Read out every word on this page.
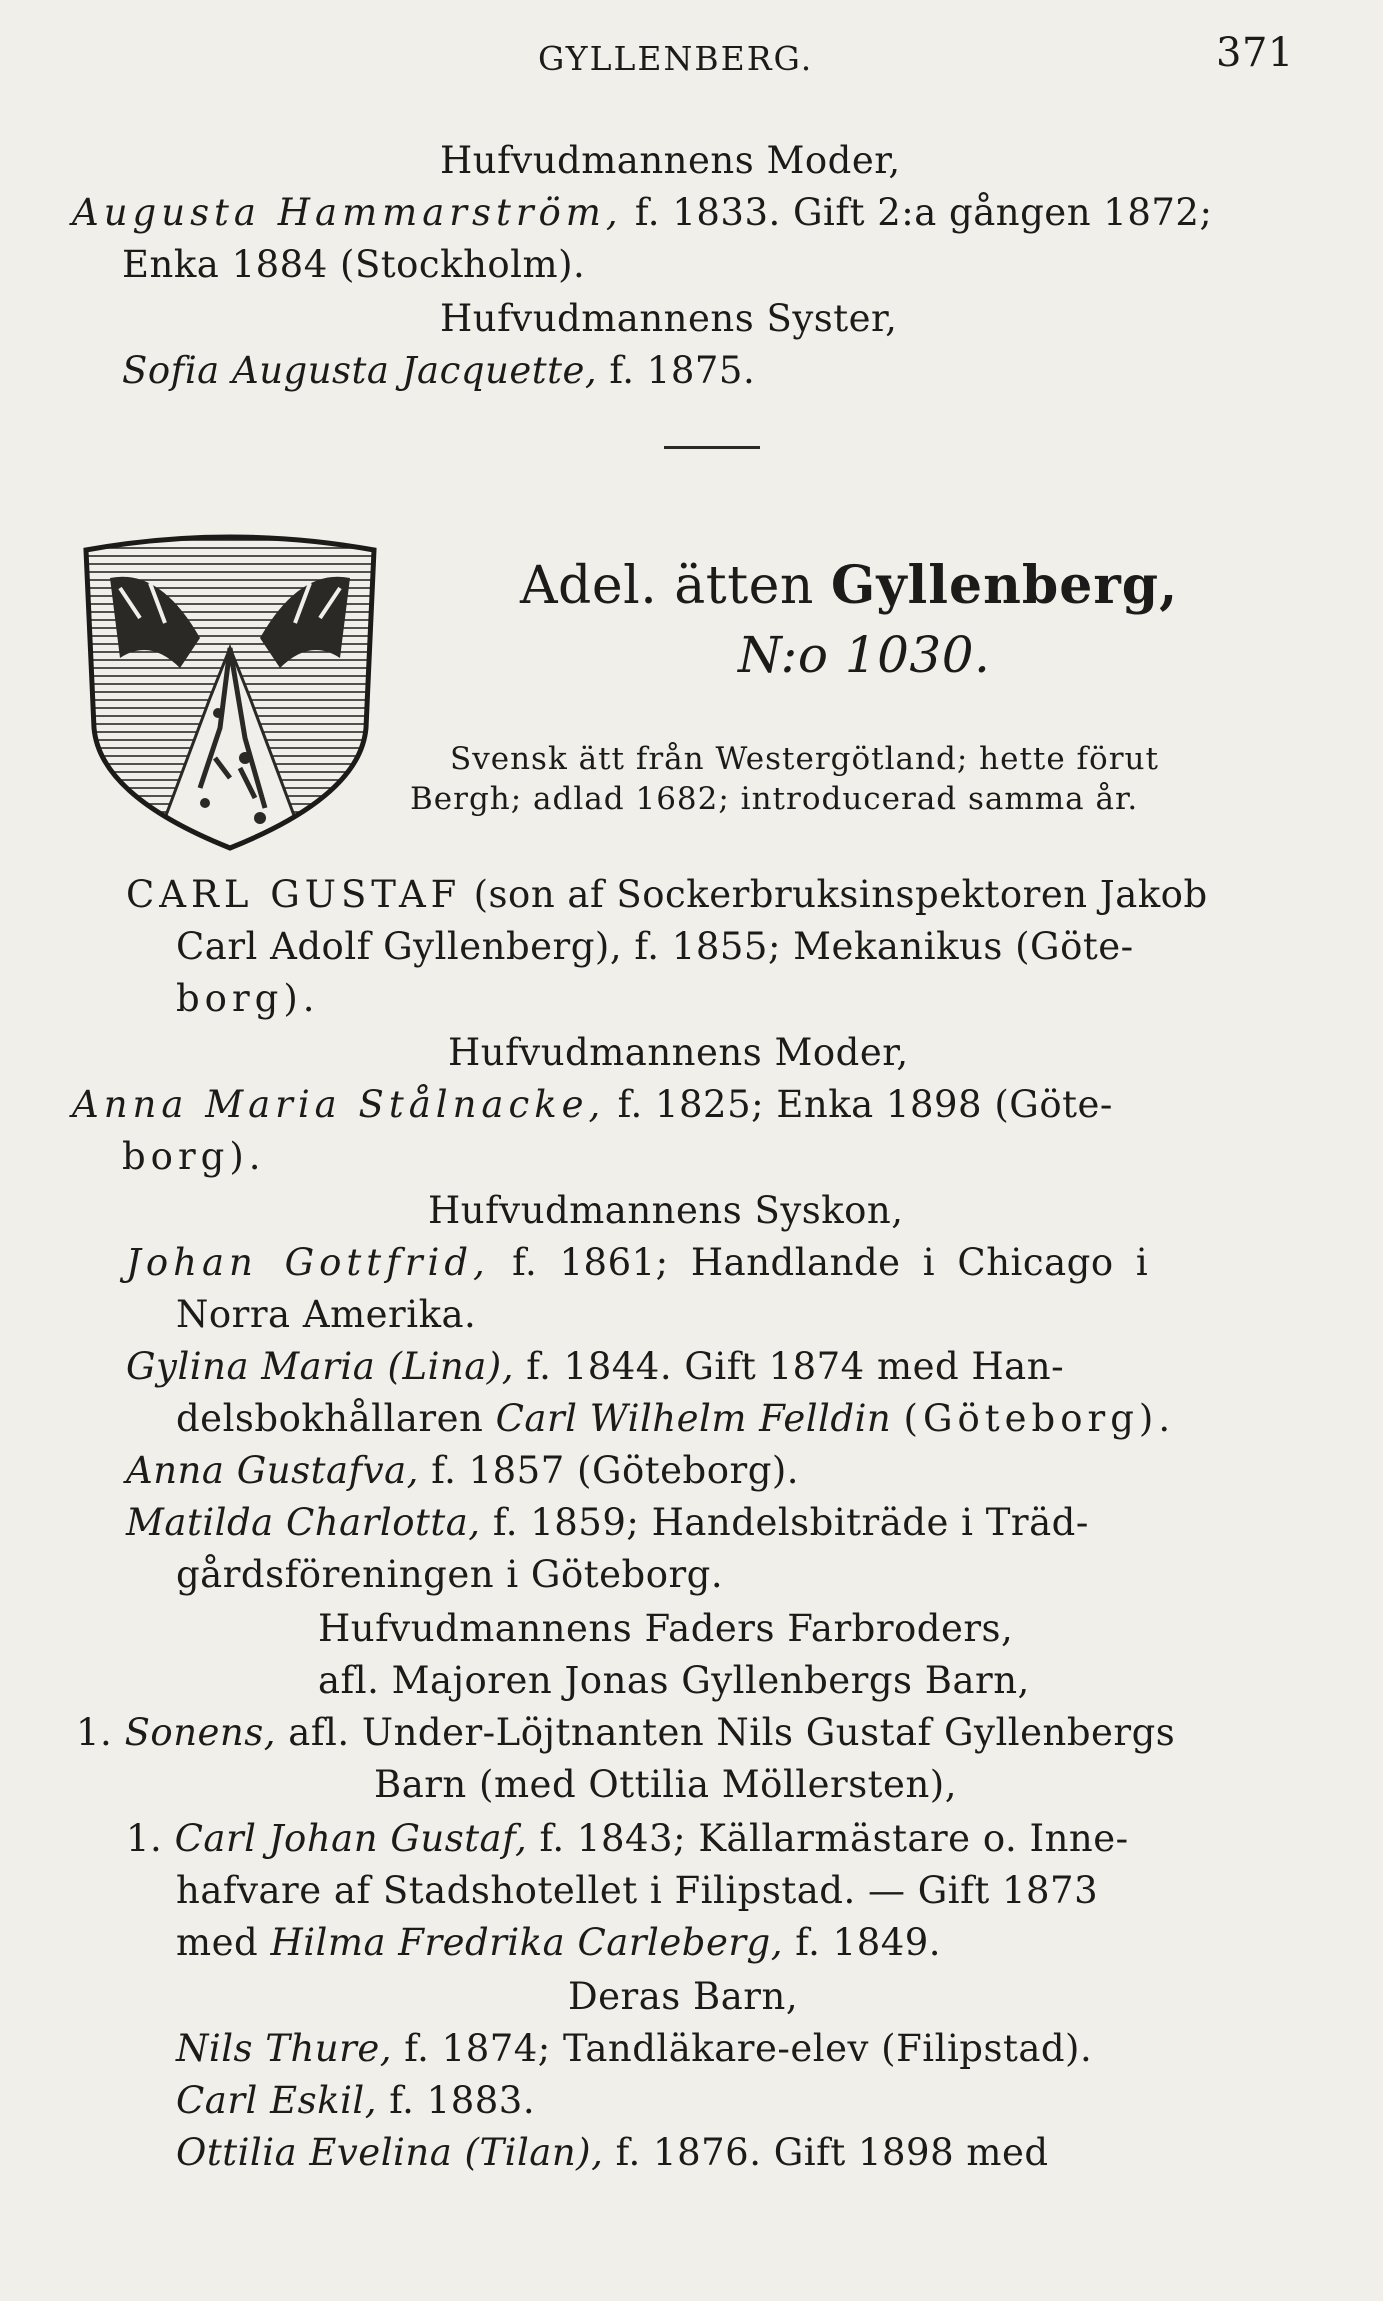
GYLLENBERG.	371
Hufvudmannens Moder,
Augusta Hammarström, f. 1833. Gift 2:a gången 1872;
Enka 1884 (Stockholm).
Hufvudmannens Syster,
Sofia Augusta Jacquette, f. 1875.
Adel. ätten Gyllenberg,
N:o 1030.
Svensk ätt från Westergötland; hette förut
Bergh; adlad 1682; introducerad samma år.
CARL GUSTAF (son af Sockerbruksinspektoren Jakob
Carl Adolf Gyllenberg), f. 1855; Mekanikus (Göte-
borg).
Hufvudmannens Moder,
Anna Maria Stålnacke, f. 1825; Enka 1898 (Göte-
borg).
Hufvudmannens Syskon,
Johan Gottfrid, f. 1861; Handlande i Chicago i
Norra Amerika.
Gylina Maria (Lina), f. 1844. Gift 1874 med Han-
delsbokhållaren Carl Wilhelm Felldin (Göteborg).
Anna Gustafva, f. 1857 (Göteborg).
Matilda Charlotta, f. 1859; Handelsbiträde i Träd-
gårdsföreningen i Göteborg.
Hufvudmannens Faders Farbroders,
afl. Majoren Jonas Gyllenbergs Barn,
1. Sonens, afl. Under-Löjtnanten Nils Gustaf Gyllenbergs
Barn (med Ottilia Möllersten),
1. Carl Johan Gustaf, f. 1843; Källarmästare o. Inne-
hafvare af Stadshotellet i Filipstad. — Gift 1873
med Hilma Fredrika Carleberg, f. 1849.
Deras Barn,
Nils Thure, f. 1874; Tandläkare-elev (Filipstad).
Carl Eskil, f. 1883.
Ottilia Evelina (Tilan), f. 1876. Gift 1898 med
